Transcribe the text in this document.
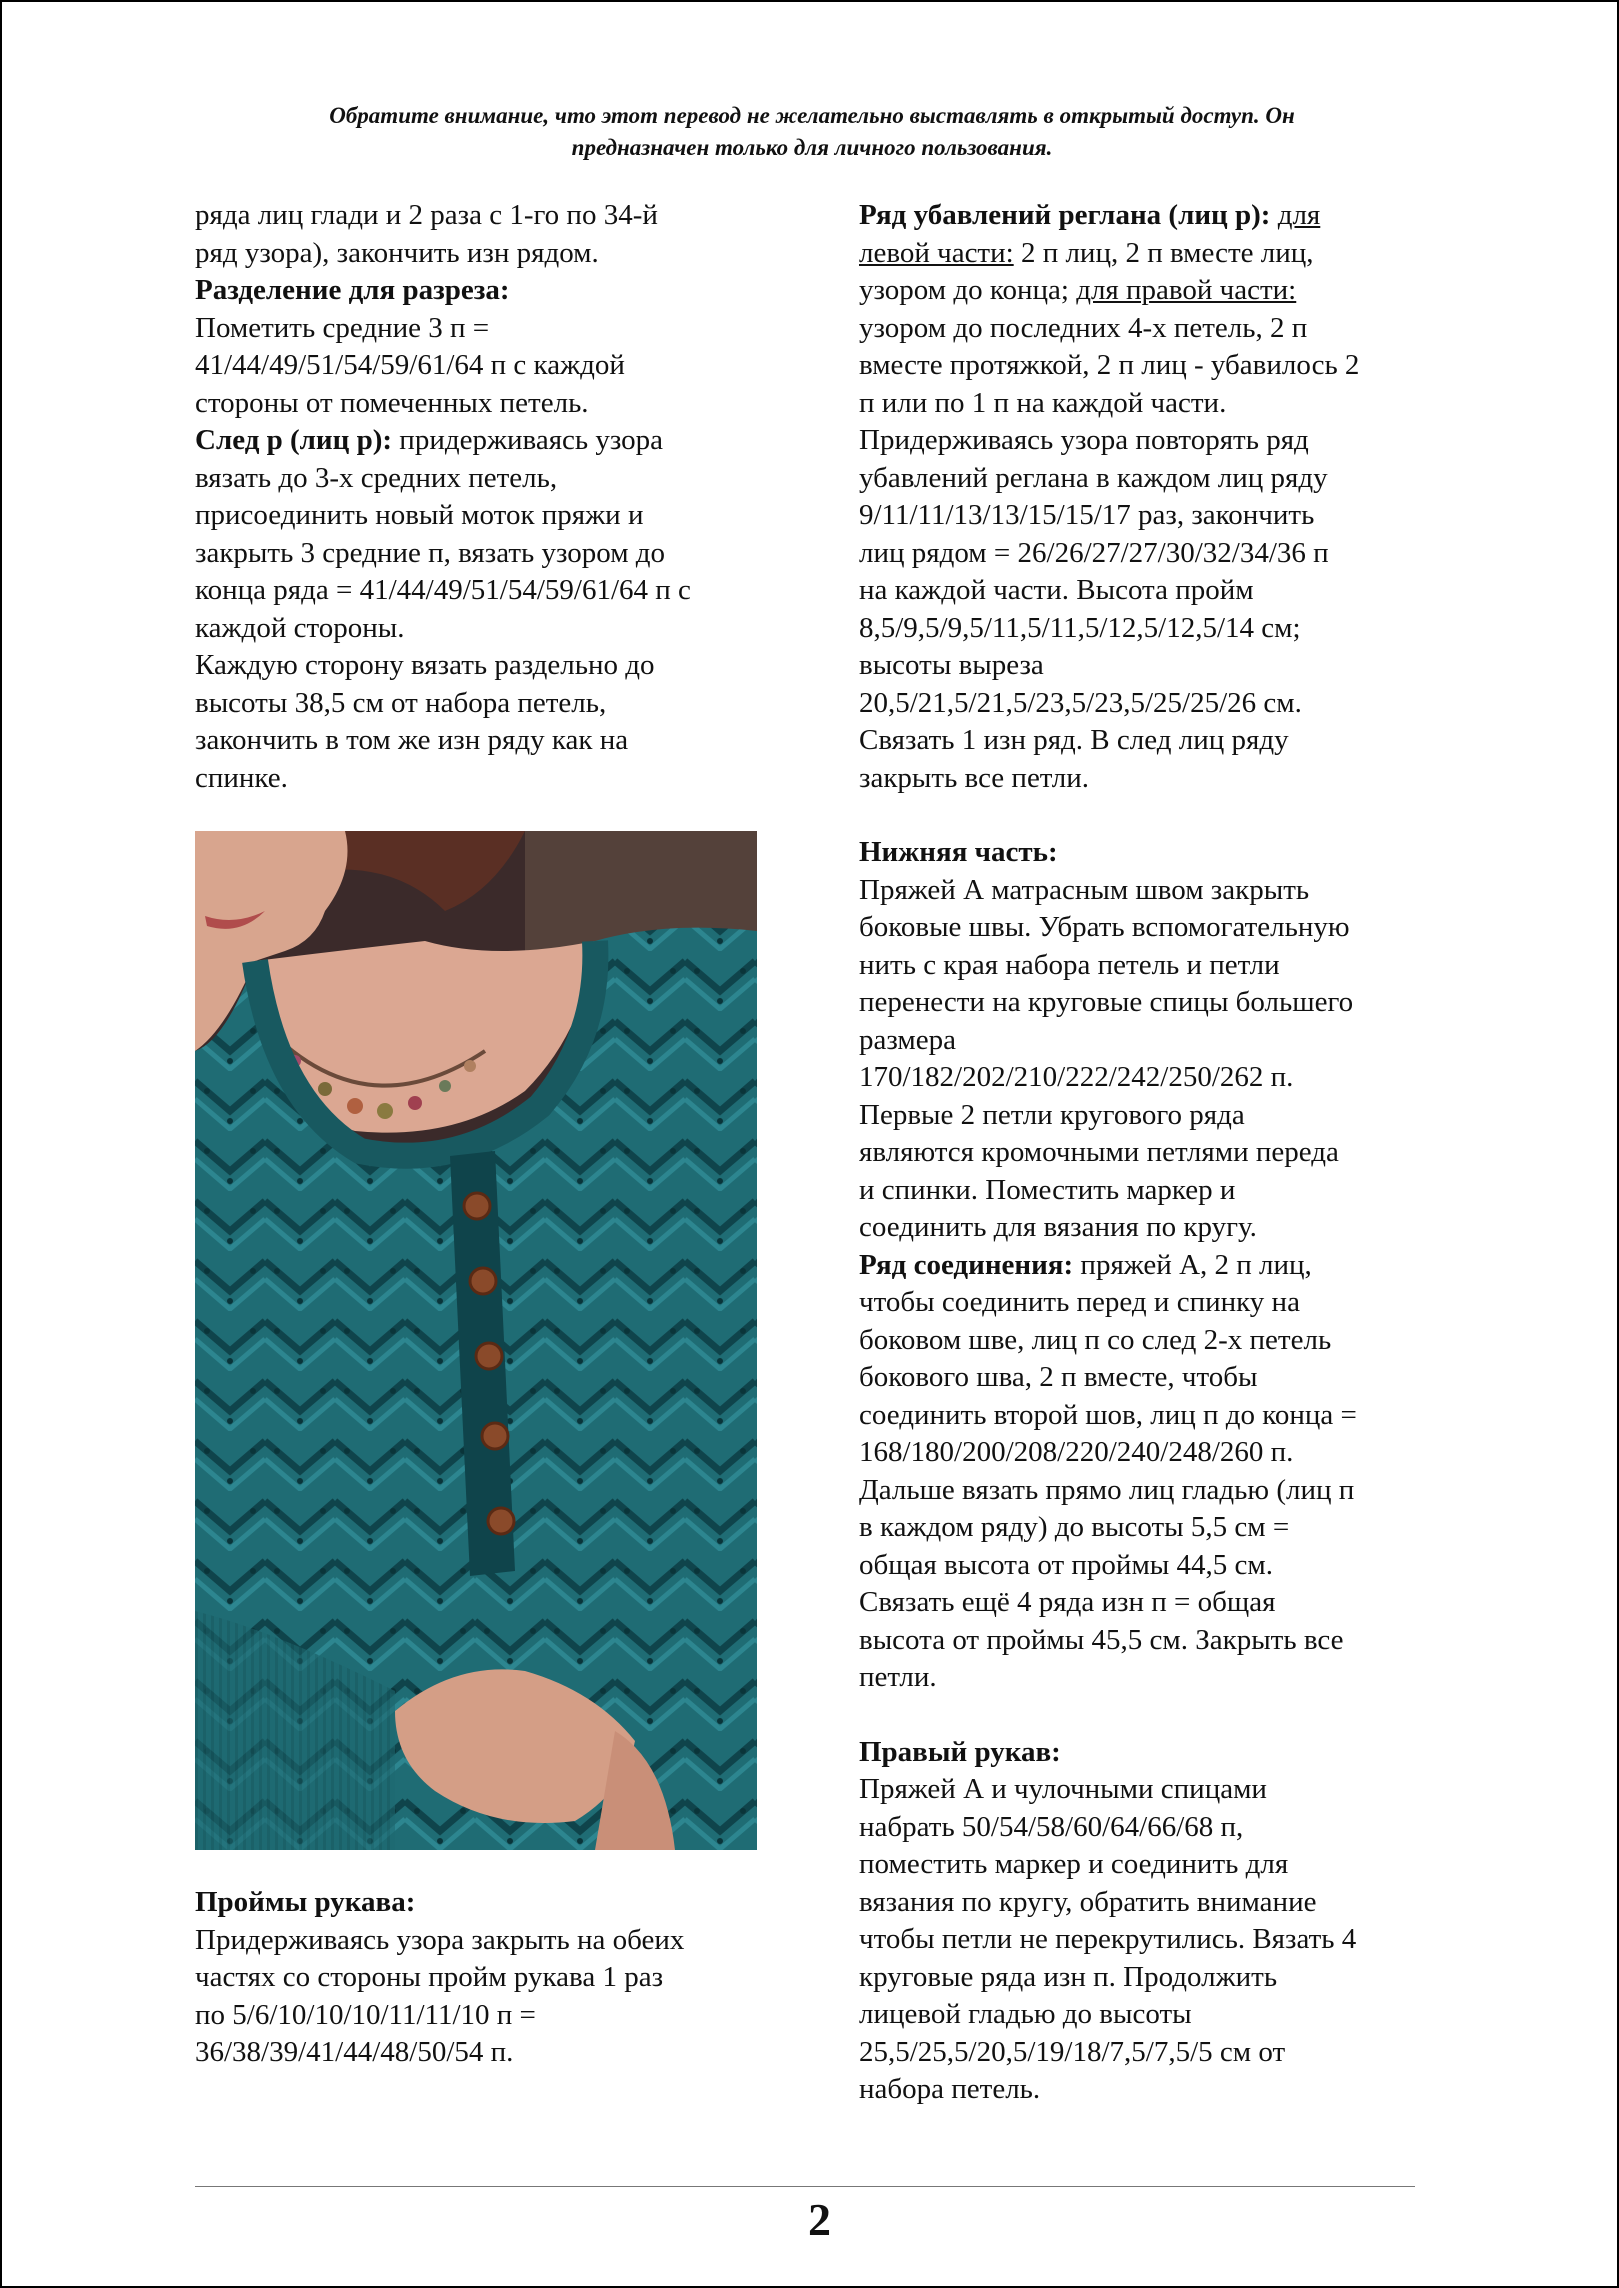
Обратите внимание, что этот перевод не желательно выставлять в открытый доступ. Он
предназначен только для личного пользования.

ряда лиц глади и 2 раза с 1-го по 34-й

ряд узора), закончить изн рядом.

Разделение для разреза:

Пометить средние 3 п =

41/44/49/51/54/59/61/64 п с каждой

стороны от помеченных петель.

След р (лиц р): придерживаясь узора

вязать до 3-х средних петель,

присоединить новый моток пряжи и

закрыть 3 средние п, вязать узором до

конца ряда = 41/44/49/51/54/59/61/64 п с

каждой стороны.

Каждую сторону вязать раздельно до

высоты 38,5 см от набора петель,

закончить в том же изн ряду как на

спинке.

Проймы рукава:

Придерживаясь узора закрыть на обеих

частях со стороны пройм рукава 1 раз

по 5/6/10/10/10/11/11/10 п =

36/38/39/41/44/48/50/54 п.

Ряд убавлений реглана (лиц р): для

левой части: 2 п лиц, 2 п вместе лиц,

узором до конца; для правой части:

узором до последних 4-х петель, 2 п

вместе протяжкой, 2 п лиц - убавилось 2

п или по 1 п на каждой части.

Придерживаясь узора повторять ряд

убавлений реглана в каждом лиц ряду

9/11/11/13/13/15/15/17 раз, закончить

лиц рядом = 26/26/27/27/30/32/34/36 п

на каждой части. Высота пройм

8,5/9,5/9,5/11,5/11,5/12,5/12,5/14 см;

высоты выреза

20,5/21,5/21,5/23,5/23,5/25/25/26 см.

Связать 1 изн ряд. В след лиц ряду

закрыть все петли.

Нижняя часть:

Пряжей А матрасным швом закрыть

боковые швы. Убрать вспомогательную

нить с края набора петель и петли

перенести на круговые спицы большего

размера

170/182/202/210/222/242/250/262 п.

Первые 2 петли кругового ряда

являются кромочными петлями переда

и спинки. Поместить маркер и

соединить для вязания по кругу.

Ряд соединения: пряжей А, 2 п лиц,

чтобы соединить перед и спинку на

боковом шве, лиц п со след 2-х петель

бокового шва, 2 п вместе, чтобы

соединить второй шов, лиц п до конца =

168/180/200/208/220/240/248/260 п.

Дальше вязать прямо лиц гладью (лиц п

в каждом ряду) до высоты 5,5 см =

общая высота от проймы 44,5 см.

Связать ещё 4 ряда изн п = общая

высота от проймы 45,5 см. Закрыть все

петли.

Правый рукав:

Пряжей А и чулочными спицами

набрать 50/54/58/60/64/66/68 п,

поместить маркер и соединить для

вязания по кругу, обратить внимание

чтобы петли не перекрутились. Вязать 4

круговые ряда изн п. Продолжить

лицевой гладью до высоты

25,5/25,5/20,5/19/18/7,5/7,5/5 см от

набора петель.

2
